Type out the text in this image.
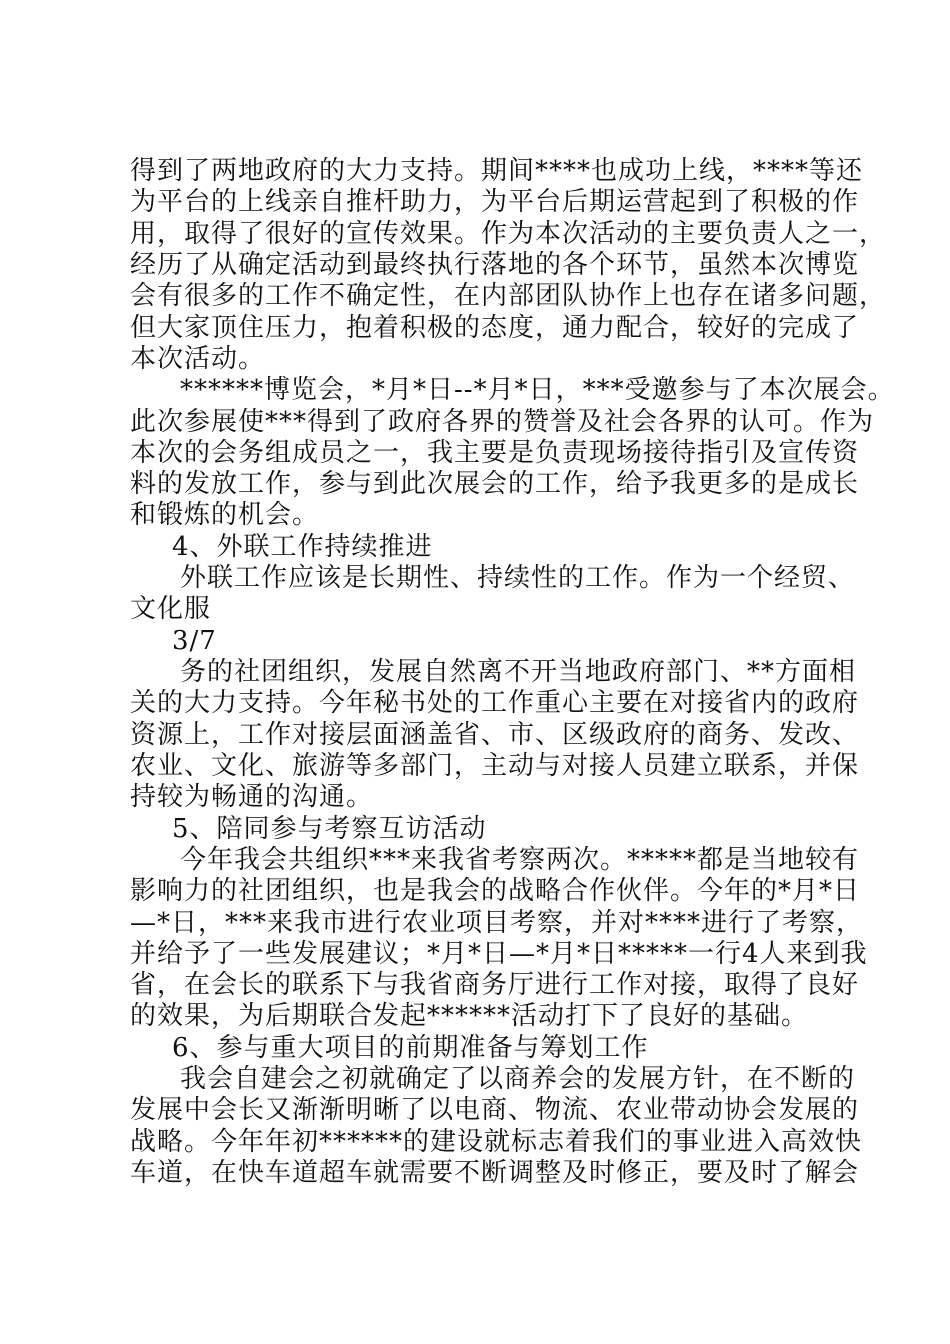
得到了两地政府的大力支持。期间****也成功上线，****等还
为平台的上线亲自推杆助力，为平台后期运营起到了积极的作
用，取得了很好的宣传效果。作为本次活动的主要负责人之一，
经历了从确定活动到最终执行落地的各个环节，虽然本次博览
会有很多的工作不确定性，在内部团队协作上也存在诸多问题，
但大家顶住压力，抱着积极的态度，通力配合，较好的完成了
本次活动。
******博览会，*月*日--*月*日，***受邀参与了本次展会。
此次参展使***得到了政府各界的赞誉及社会各界的认可。作为
本次的会务组成员之一，我主要是负责现场接待指引及宣传资
料的发放工作，参与到此次展会的工作，给予我更多的是成长
和锻炼的机会。
4、外联工作持续推进
外联工作应该是长期性、持续性的工作。作为一个经贸、
文化服
3/7
务的社团组织，发展自然离不开当地政府部门、**方面相
关的大力支持。今年秘书处的工作重心主要在对接省内的政府
资源上，工作对接层面涵盖省、市、区级政府的商务、发改、
农业、文化、旅游等多部门，主动与对接人员建立联系，并保
持较为畅通的沟通。
5、陪同参与考察互访活动
今年我会共组织***来我省考察两次。*****都是当地较有
影响力的社团组织，也是我会的战略合作伙伴。今年的*月*日
—*日，***来我市进行农业项目考察，并对****进行了考察，
并给予了一些发展建议；*月*日—*月*日*****一行4人来到我
省，在会长的联系下与我省商务厅进行工作对接，取得了良好
的效果，为后期联合发起******活动打下了良好的基础。
6、参与重大项目的前期准备与筹划工作
我会自建会之初就确定了以商养会的发展方针，在不断的
发展中会长又渐渐明晰了以电商、物流、农业带动协会发展的
战略。今年年初******的建设就标志着我们的事业进入高效快
车道，在快车道超车就需要不断调整及时修正，要及时了解会
